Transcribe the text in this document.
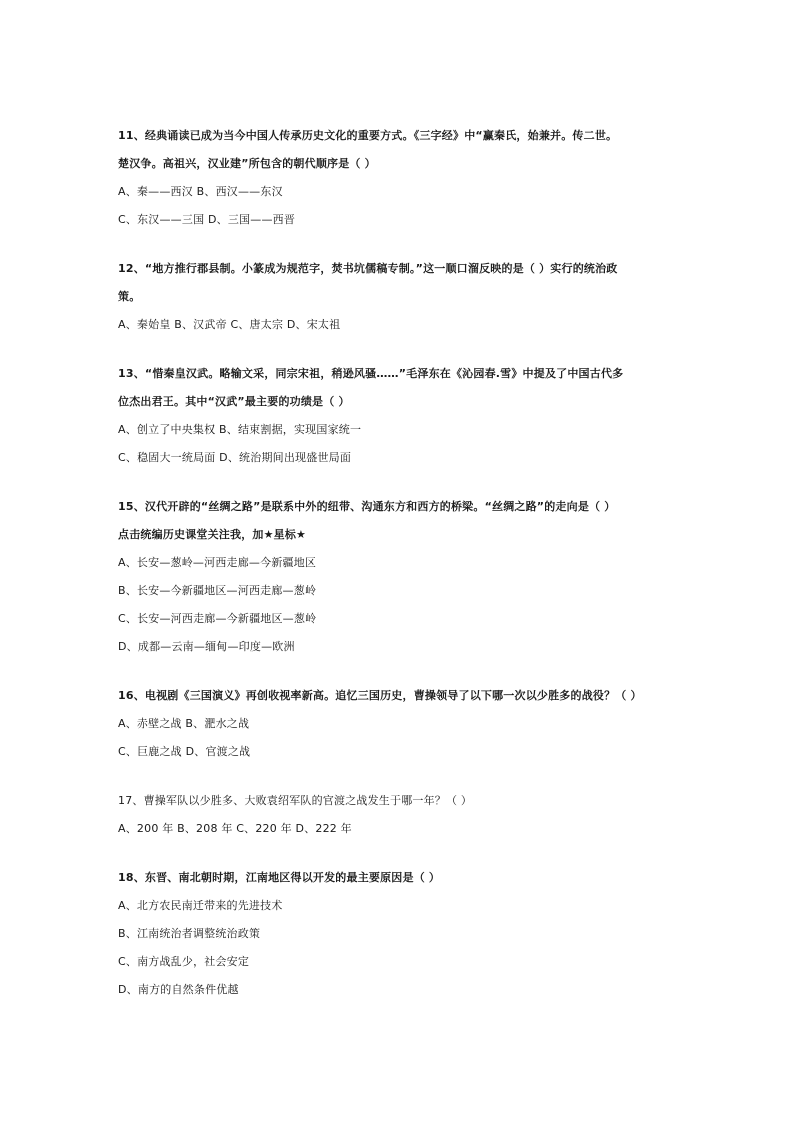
11、经典诵读已成为当今中国人传承历史文化的重要方式。《三字经》中“赢秦氏，始兼并。传二世。
楚汉争。高祖兴，汉业建”所包含的朝代顺序是（ ）
A、秦——西汉 B、西汉——东汉
C、东汉——三国 D、三国——西晋
12、“地方推行郡县制。小篆成为规范字，焚书坑儒稿专制。”这一顺口溜反映的是（ ）实行的统治政
策。
A、秦始皇 B、汉武帝 C、唐太宗 D、宋太祖
13、“惜秦皇汉武。略输文采，同宗宋祖，稍逊风骚……”毛泽东在《沁园春.雪》中提及了中国古代多
位杰出君王。其中“汉武”最主要的功绩是（ ）
A、创立了中央集权 B、结束割据，实现国家统一
C、稳固大一统局面 D、统治期间出现盛世局面
15、汉代开辟的“丝绸之路”是联系中外的纽带、沟通东方和西方的桥梁。“丝绸之路”的走向是（ ）
点击统编历史课堂关注我，加★星标★
A、长安—葱岭—河西走廊—今新疆地区
B、长安—今新疆地区—河西走廊—葱岭
C、长安—河西走廊—今新疆地区—葱岭
D、成都—云南—缅甸—印度—欧洲
16、电视剧《三国演义》再创收视率新高。追忆三国历史，曹操领导了以下哪一次以少胜多的战役？（ ）
A、赤壁之战 B、淝水之战
C、巨鹿之战 D、官渡之战
17、曹操军队以少胜多、大败袁绍军队的官渡之战发生于哪一年？（ ）
A、200 年 B、208 年 C、220 年 D、222 年
18、东晋、南北朝时期，江南地区得以开发的最主要原因是（ ）
A、北方农民南迁带来的先进技术
B、江南统治者调整统治政策
C、南方战乱少，社会安定
D、南方的自然条件优越
